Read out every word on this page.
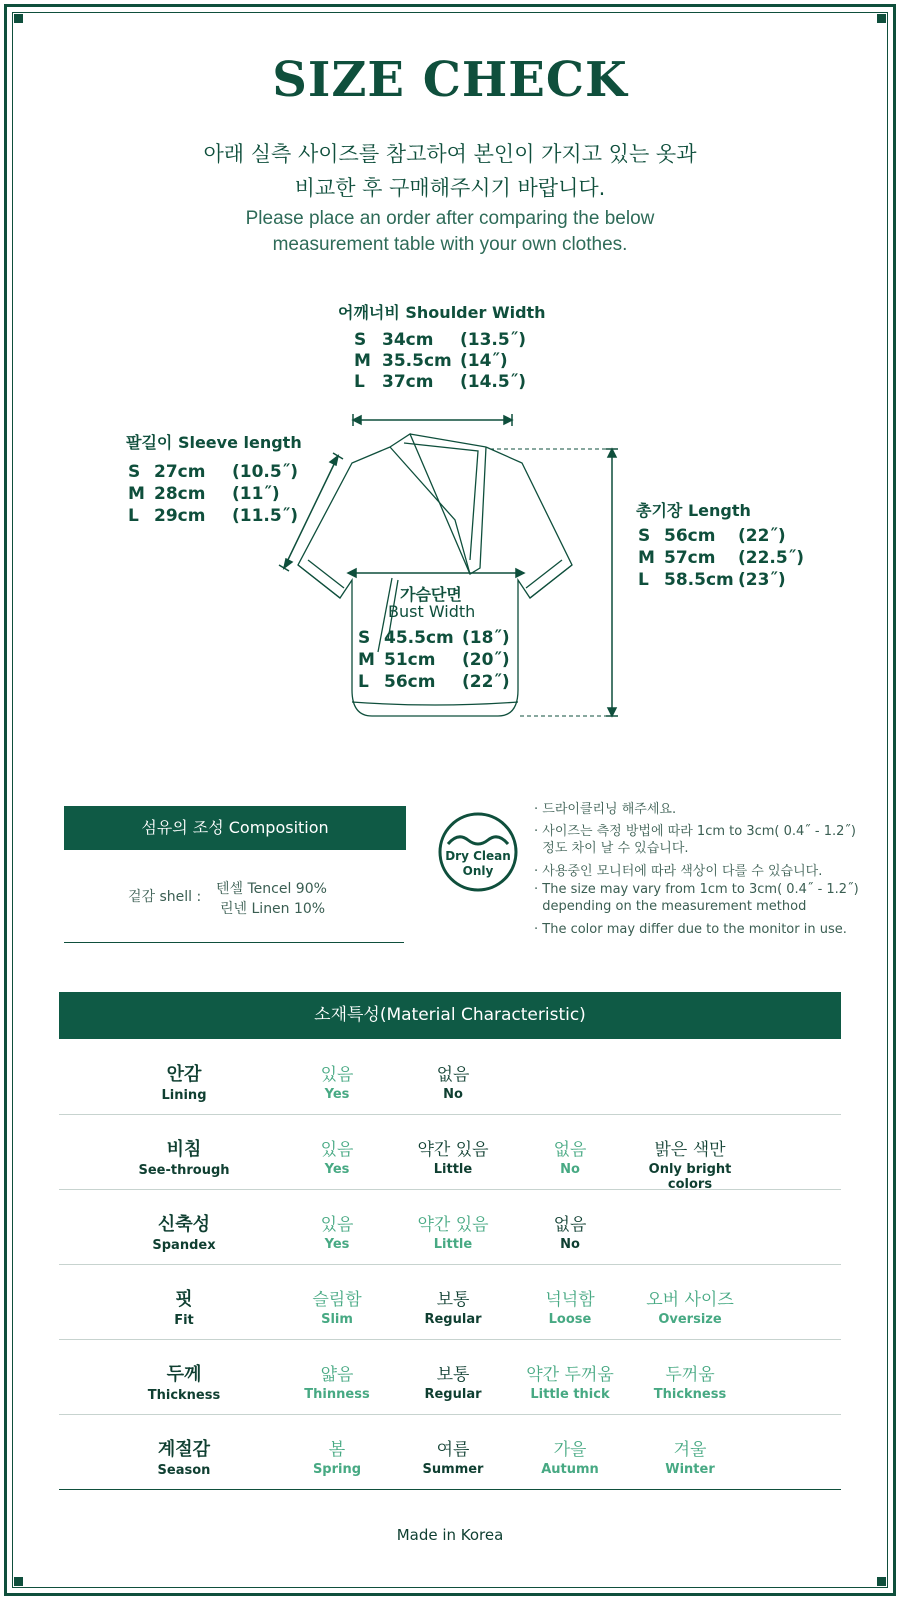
SIZE CHECK
아래 실측 사이즈를 참고하여 본인이 가지고 있는 옷과
비교한 후 구매해주시기 바랍니다.
Please place an order after comparing the below
measurement table with your own clothes.
어깨너비 Shoulder Width
S 34cm (13.5˝)
M 35.5cm (14˝)
L 37cm (14.5˝)
팔길이 Sleeve length
S 27cm (10.5˝)
M 28cm (11˝)
L 29cm (11.5˝)	총기장 Length
S 56cm (22˝)
M 57cm (22.5˝)
L 58.5cm (23˝)
가슴단면
Bust Width
S 45.5cm (18˝)
M 51cm (20˝)
L 56cm (22˝)
섬유의 조성 Composition
겉감 shell : 텐셀 Tencel 90%
린넨 Linen 10%
Dry Clean
Only
· 드라이클리닝 해주세요.
· 사이즈는 측정 방법에 따라 1cm to 3cm( 0.4˝ - 1.2˝)
정도 차이 날 수 있습니다.
· 사용중인 모니터에 따라 색상이 다를 수 있습니다.
· The size may vary from 1cm to 3cm( 0.4˝ - 1.2˝)
depending on the measurement method
· The color may differ due to the monitor in use.
소재특성(Material Characteristic)
안감
Lining
있음
Yes
없음
No
비침
See-through
있음
Yes
약간 있음
Little
없음
No
밝은 색만
Only bright colors
신축성
Spandex
있음
Yes
약간 있음
Little
없음
No
핏
Fit
슬림함
Slim
보통
Regular
넉넉함
Loose
오버 사이즈
Oversize
두께
Thickness
얇음
Thinness
보통
Regular
약간 두꺼움
Little thick
두꺼움
Thickness
계절감
Season
봄
Spring
여름
Summer
가을
Autumn
겨울
Winter
Made in Korea
